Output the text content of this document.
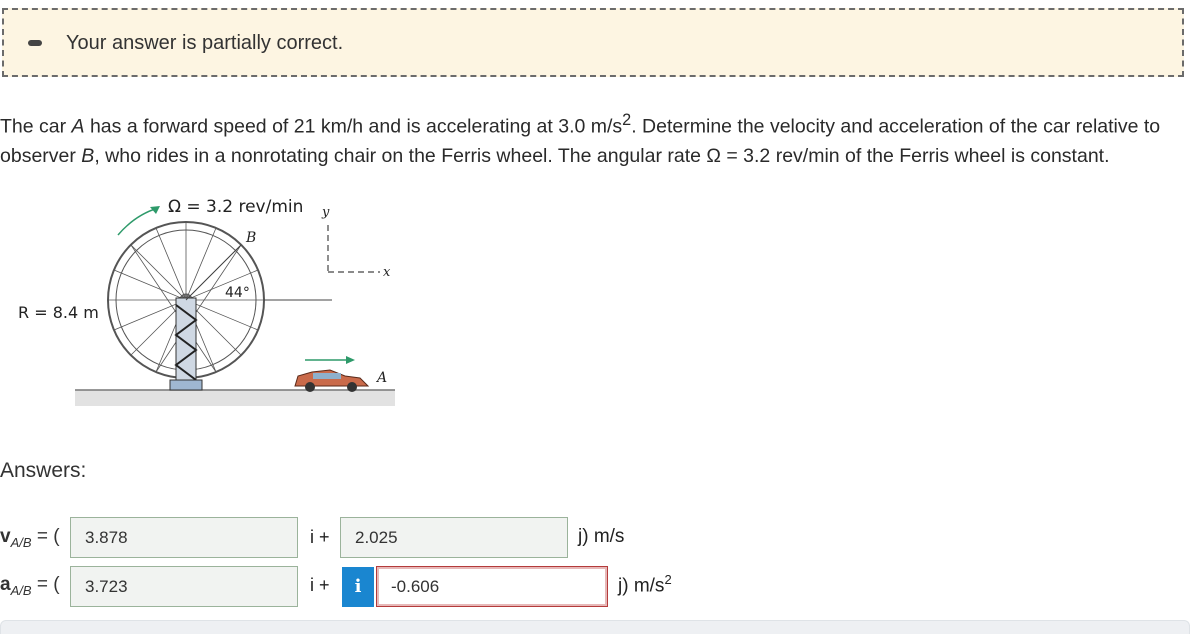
Your answer is partially correct.
The car A has a forward speed of 21 km/h and is accelerating at 3.0 $m/s^2$. Determine the velocity and acceleration of the car relative to observer B, who rides in a nonrotating chair on the Ferris wheel. The angular rate Ω = 3.2 rev/min of the Ferris wheel is constant.
Ω = 3.2 rev/min
B
44°
R = 8.4 m
y
x
A
Answers:
$v_{A/B}$ = (
3.878	i +
2.025	j) m/s
$a_{A/B}$ = (
3.723	i +	i
-0.606	j) $m/s^2$
